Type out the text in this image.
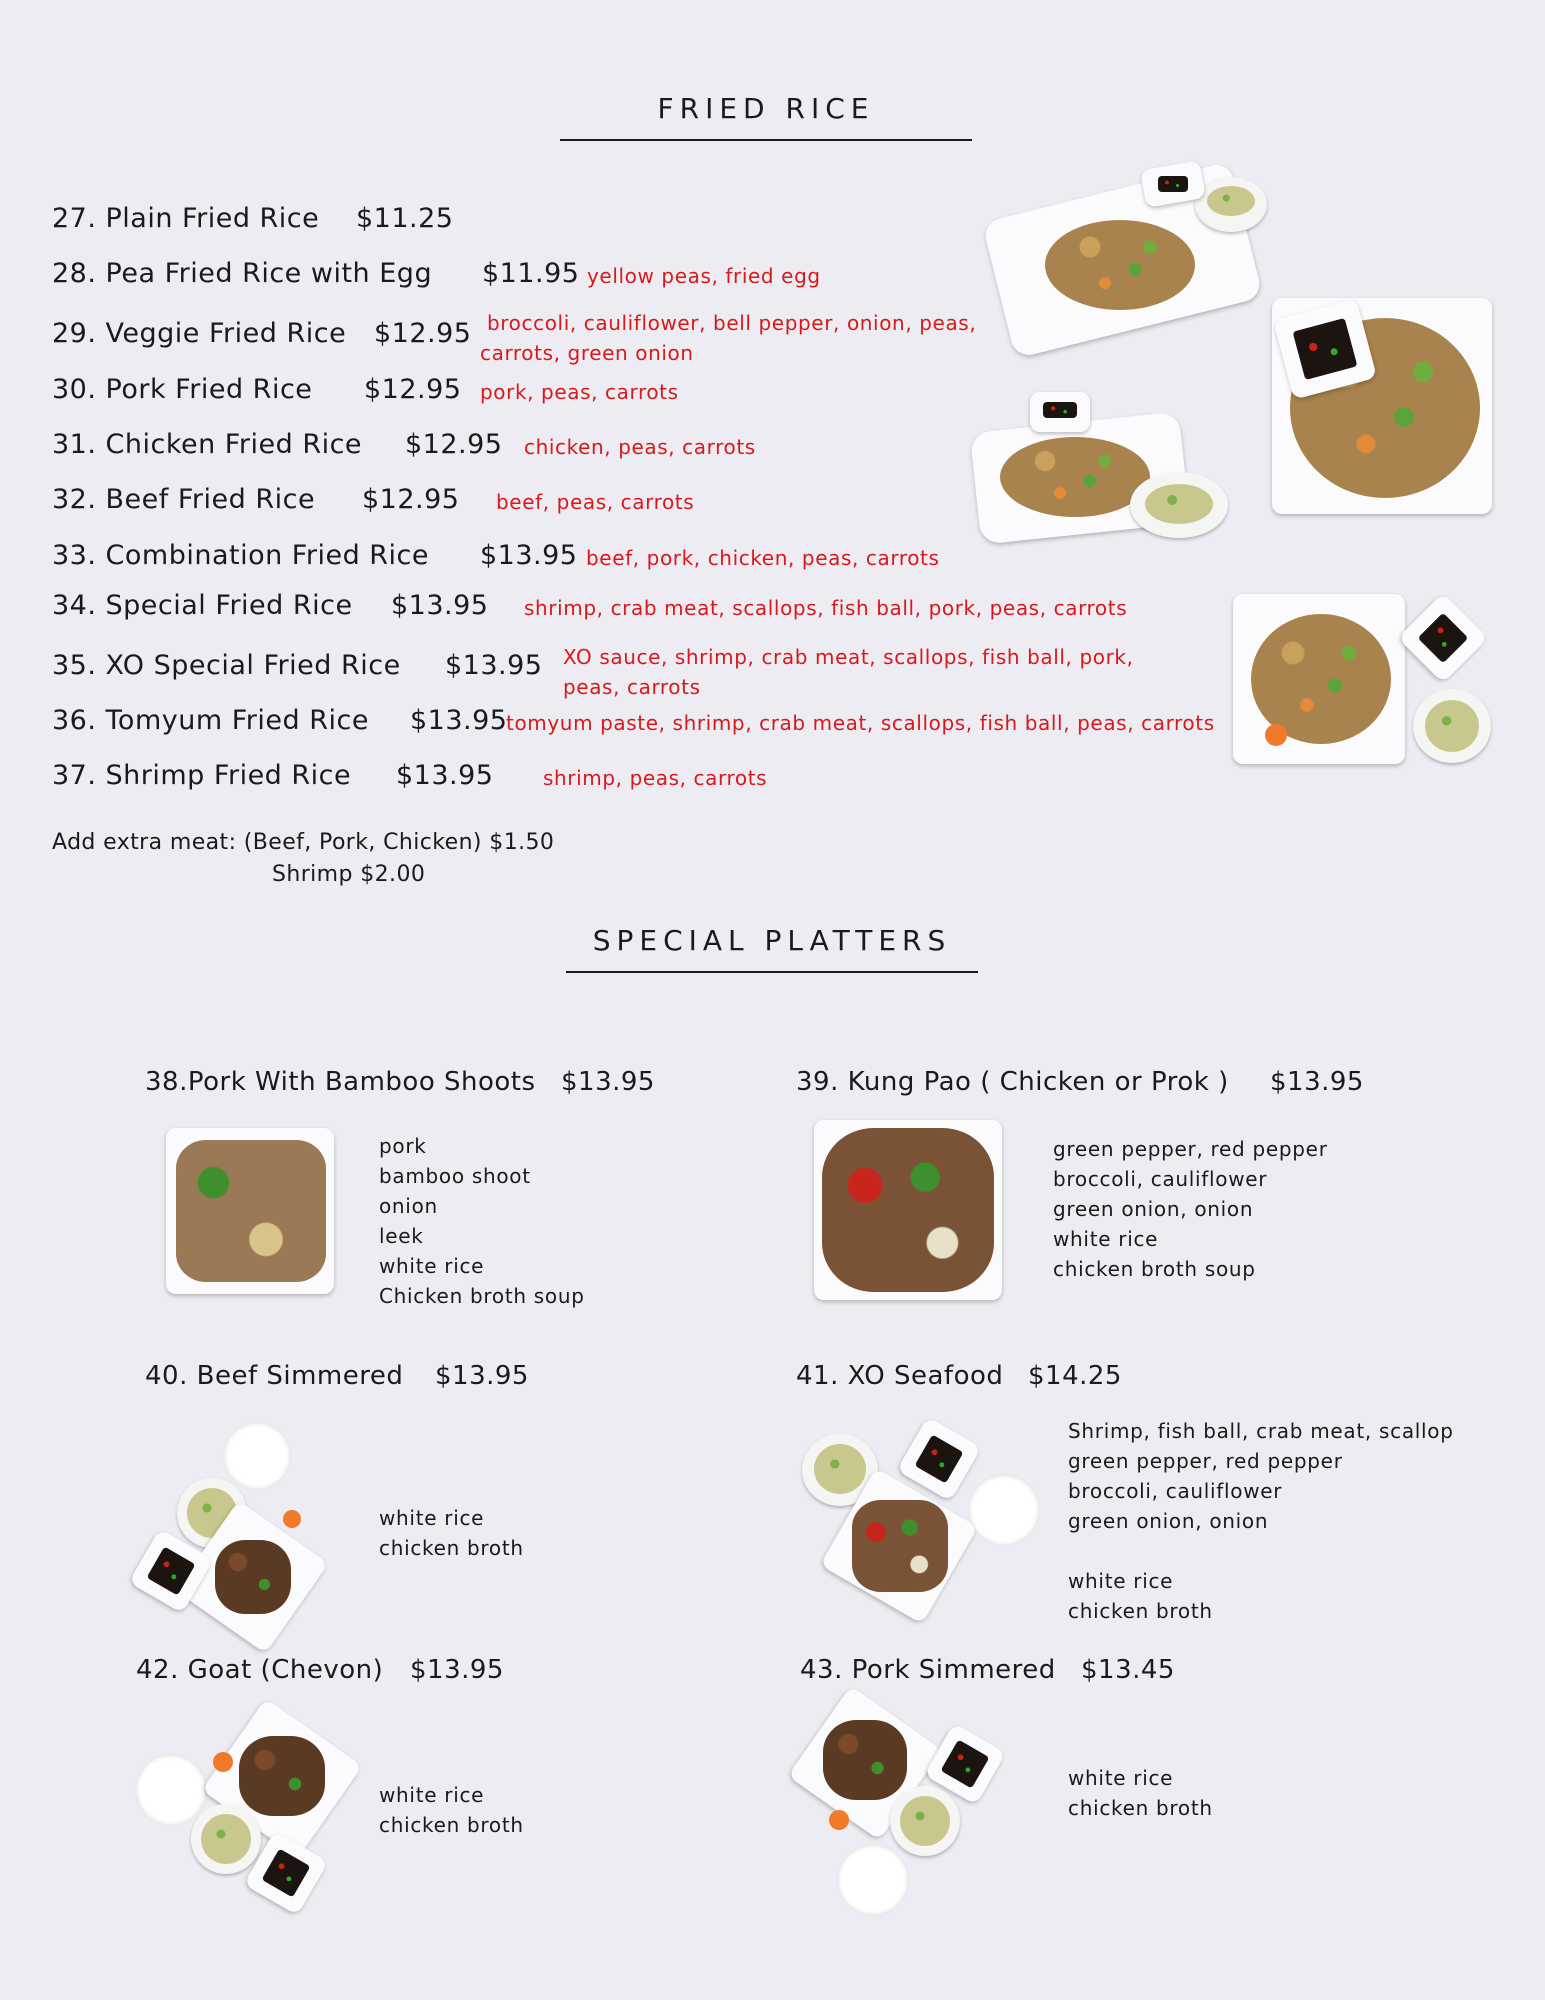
FRIED RICE
27. Plain Fried Rice $11.25
28. Pea Fried Rice with Egg $11.95 yellow peas, fried egg
29. Veggie Fried Rice $12.95 broccoli, cauliflower, bell pepper, onion, peas, carrots, green onion
30. Pork Fried Rice $12.95 pork, peas, carrots
31. Chicken Fried Rice $12.95 chicken, peas, carrots
32. Beef Fried Rice $12.95 beef, peas, carrots
33. Combination Fried Rice $13.95 beef, pork, chicken, peas, carrots
34. Special Fried Rice $13.95 shrimp, crab meat, scallops, fish ball, pork, peas, carrots
35. XO Special Fried Rice $13.95 XO sauce, shrimp, crab meat, scallops, fish ball, pork, peas, carrots
36. Tomyum Fried Rice $13.95
tomyum paste, shrimp, crab meat, scallops, fish ball, peas, carrots
37. Shrimp Fried Rice $13.95 shrimp, peas, carrots
Add extra meat: (Beef, Pork, Chicken) $1.50
Shrimp $2.00
SPECIAL PLATTERS
38.Pork With Bamboo Shoots $13.95
pork
bamboo shoot
onion
leek
white rice
Chicken broth soup
39. Kung Pao ( Chicken or Prok ) $13.95
green pepper, red pepper
broccoli, cauliflower
green onion, onion
white rice
chicken broth soup
40. Beef Simmered $13.95
white rice
chicken broth
41. XO Seafood $14.25
Shrimp, fish ball, crab meat, scallop
green pepper, red pepper
broccoli, cauliflower
green onion, onion
white rice
chicken broth
42. Goat (Chevon) $13.95
white rice
chicken broth
43. Pork Simmered $13.45
white rice
chicken broth
